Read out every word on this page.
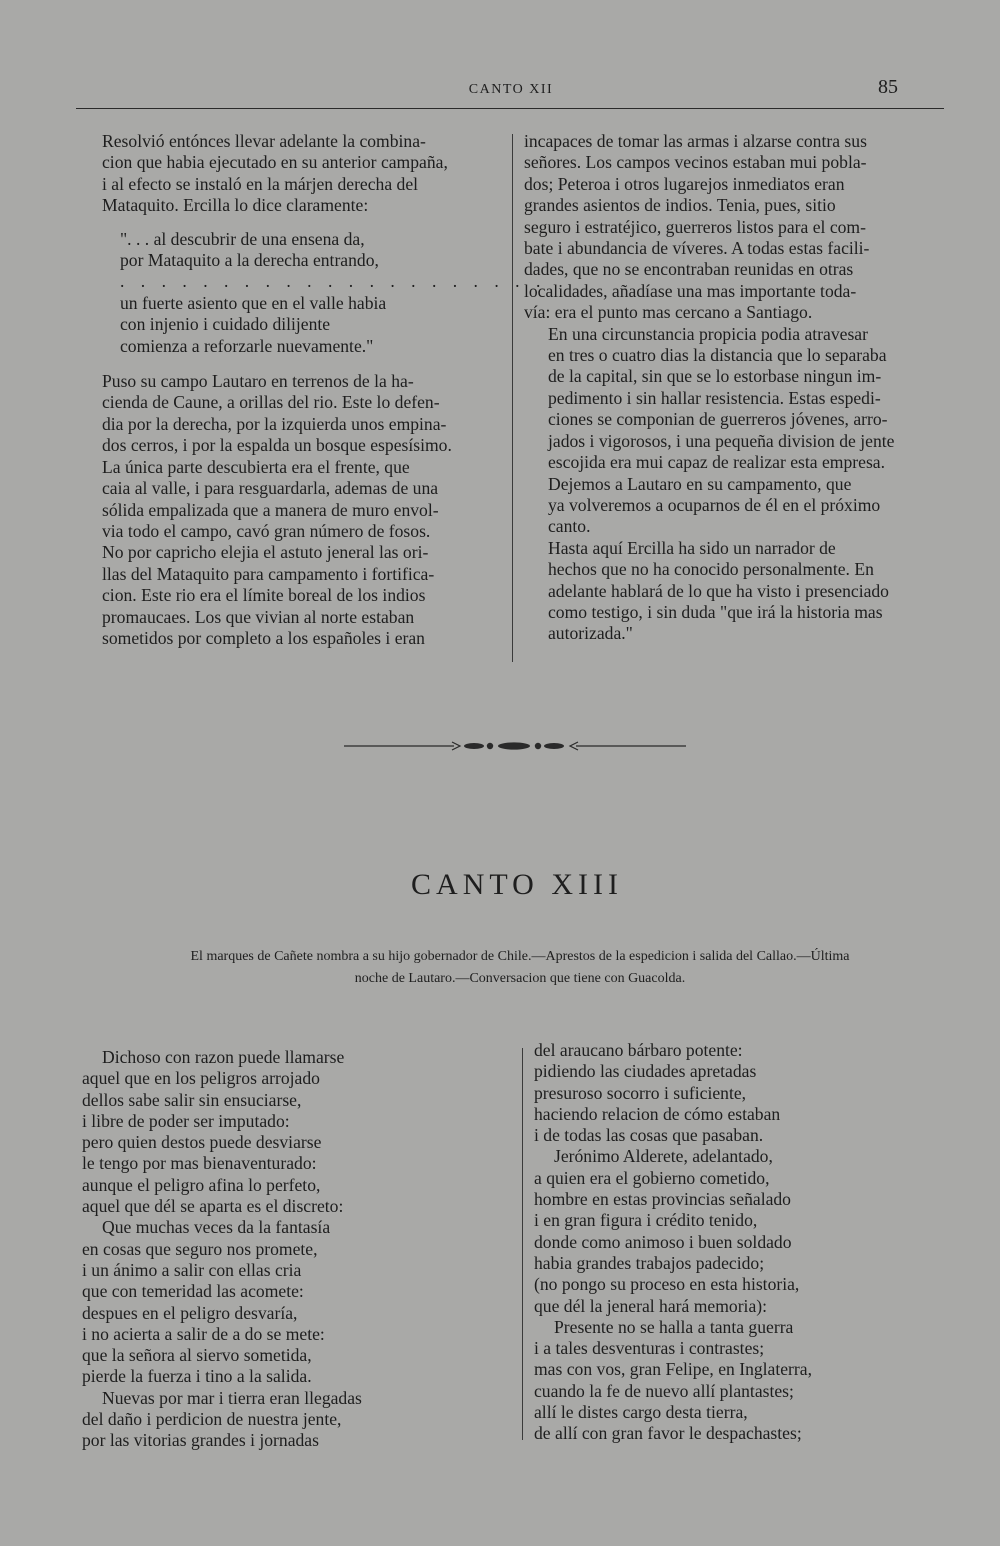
CANTO XII	85

Resolvió entónces llevar adelante la combina-
cion que habia ejecutado en su anterior campaña,
i al efecto se instaló en la márjen derecha del
Mataquito. Ercilla lo dice claramente:

". . . al descubrir de una ensena da,
por Mataquito a la derecha entrando,
. . . . . . . . . . . . . . . . . . . . .
un fuerte asiento que en el valle habia
con injenio i cuidado dilijente
comienza a reforzarle nuevamente."

Puso su campo Lautaro en terrenos de la ha-
cienda de Caune, a orillas del rio. Este lo defen-
dia por la derecha, por la izquierda unos empina-
dos cerros, i por la espalda un bosque espesísimo.
La única parte descubierta era el frente, que
caia al valle, i para resguardarla, ademas de una
sólida empalizada que a manera de muro envol-
via todo el campo, cavó gran número de fosos.

No por capricho elejia el astuto jeneral las ori-
llas del Mataquito para campamento i fortifica-
cion. Este rio era el límite boreal de los indios
promaucaes. Los que vivian al norte estaban
sometidos por completo a los españoles i eran

incapaces de tomar las armas i alzarse contra sus
señores. Los campos vecinos estaban mui pobla-
dos; Peteroa i otros lugarejos inmediatos eran
grandes asientos de indios. Tenia, pues, sitio
seguro i estratéjico, guerreros listos para el com-
bate i abundancia de víveres. A todas estas facili-
dades, que no se encontraban reunidas en otras
localidades, añadíase una mas importante toda-
vía: era el punto mas cercano a Santiago.

En una circunstancia propicia podia atravesar
en tres o cuatro dias la distancia que lo separaba
de la capital, sin que se lo estorbase ningun im-
pedimento i sin hallar resistencia. Estas espedi-
ciones se componian de guerreros jóvenes, arro-
jados i vigorosos, i una pequeña division de jente
escojida era mui capaz de realizar esta empresa.

Dejemos a Lautaro en su campamento, que
ya volveremos a ocuparnos de él en el próximo
canto.

Hasta aquí Ercilla ha sido un narrador de
hechos que no ha conocido personalmente. En
adelante hablará de lo que ha visto i presenciado
como testigo, i sin duda "que irá la historia mas
autorizada."

CANTO XIII
El marques de Cañete nombra a su hijo gobernador de Chile.—Aprestos de la espedicion i salida del Callao.—Última
noche de Lautaro.—Conversacion que tiene con Guacolda.
Dichoso con razon puede llamarse
aquel que en los peligros arrojado
dellos sabe salir sin ensuciarse,
i libre de poder ser imputado:
pero quien destos puede desviarse
le tengo por mas bienaventurado:
aunque el peligro afina lo perfeto,
aquel que dél se aparta es el discreto:
Que muchas veces da la fantasía
en cosas que seguro nos promete,
i un ánimo a salir con ellas cria
que con temeridad las acomete:
despues en el peligro desvaría,
i no acierta a salir de a do se mete:
que la señora al siervo sometida,
pierde la fuerza i tino a la salida.
Nuevas por mar i tierra eran llegadas
del daño i perdicion de nuestra jente,
por las vitorias grandes i jornadas
del araucano bárbaro potente:
pidiendo las ciudades apretadas
presuroso socorro i suficiente,
haciendo relacion de cómo estaban
i de todas las cosas que pasaban.
Jerónimo Alderete, adelantado,
a quien era el gobierno cometido,
hombre en estas provincias señalado
i en gran figura i crédito tenido,
donde como animoso i buen soldado
habia grandes trabajos padecido;
(no pongo su proceso en esta historia,
que dél la jeneral hará memoria):
Presente no se halla a tanta guerra
i a tales desventuras i contrastes;
mas con vos, gran Felipe, en Inglaterra,
cuando la fe de nuevo allí plantastes;
allí le distes cargo desta tierra,
de allí con gran favor le despachastes;
